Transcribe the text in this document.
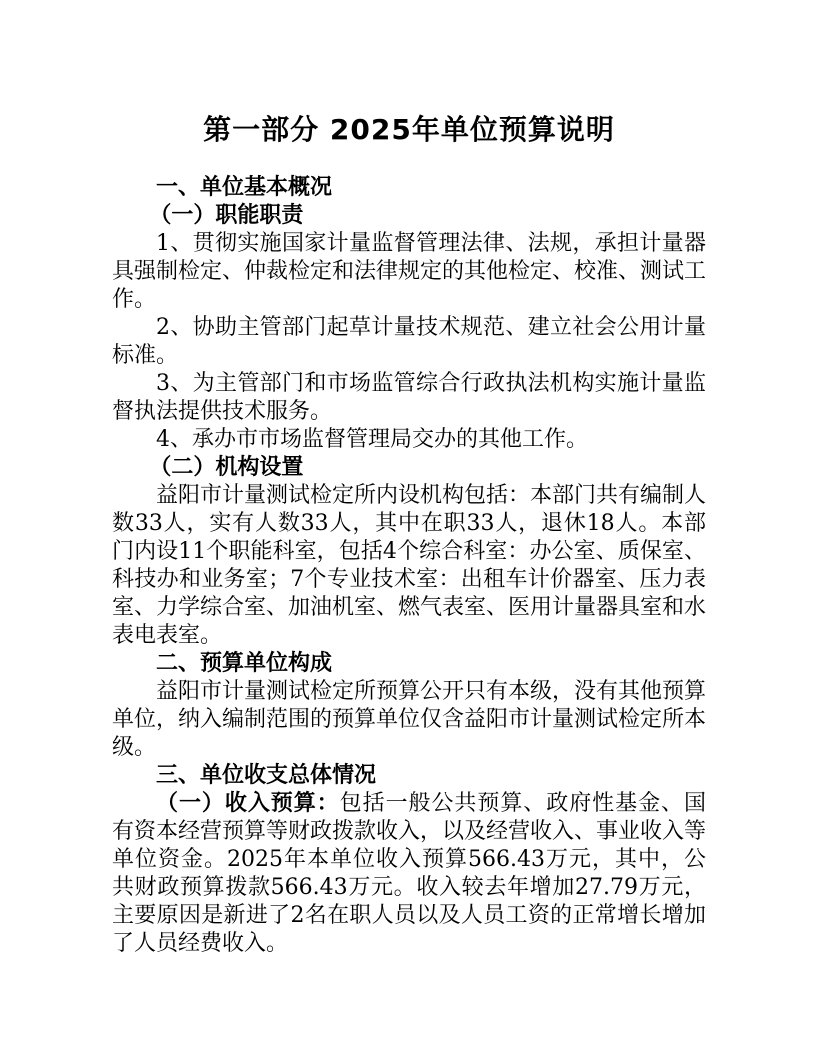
第一部分 2025年单位预算说明
一、单位基本概况
（一）职能职责

1、贯彻实施国家计量监督管理法律、法规，承担计量器具强制检定、仲裁检定和法律规定的其他检定、校准、测试工作。

2、协助主管部门起草计量技术规范、建立社会公用计量标准。

3、为主管部门和市场监管综合行政执法机构实施计量监督执法提供技术服务。

4、承办市市场监督管理局交办的其他工作。

（二）机构设置

益阳市计量测试检定所内设机构包括：本部门共有编制人数33人，实有人数33人，其中在职33人，退休18人。本部门内设11个职能科室，包括4个综合科室：办公室、质保室、科技办和业务室；7个专业技术室：出租车计价器室、压力表室、力学综合室、加油机室、燃气表室、医用计量器具室和水表电表室。

二、预算单位构成

益阳市计量测试检定所预算公开只有本级，没有其他预算单位，纳入编制范围的预算单位仅含益阳市计量测试检定所本级。

三、单位收支总体情况

（一）收入预算：包括一般公共预算、政府性基金、国有资本经营预算等财政拨款收入，以及经营收入、事业收入等单位资金。2025年本单位收入预算566.43万元，其中，公共财政预算拨款566.43万元。收入较去年增加27.79万元，主要原因是新进了2名在职人员以及人员工资的正常增长增加了人员经费收入。
